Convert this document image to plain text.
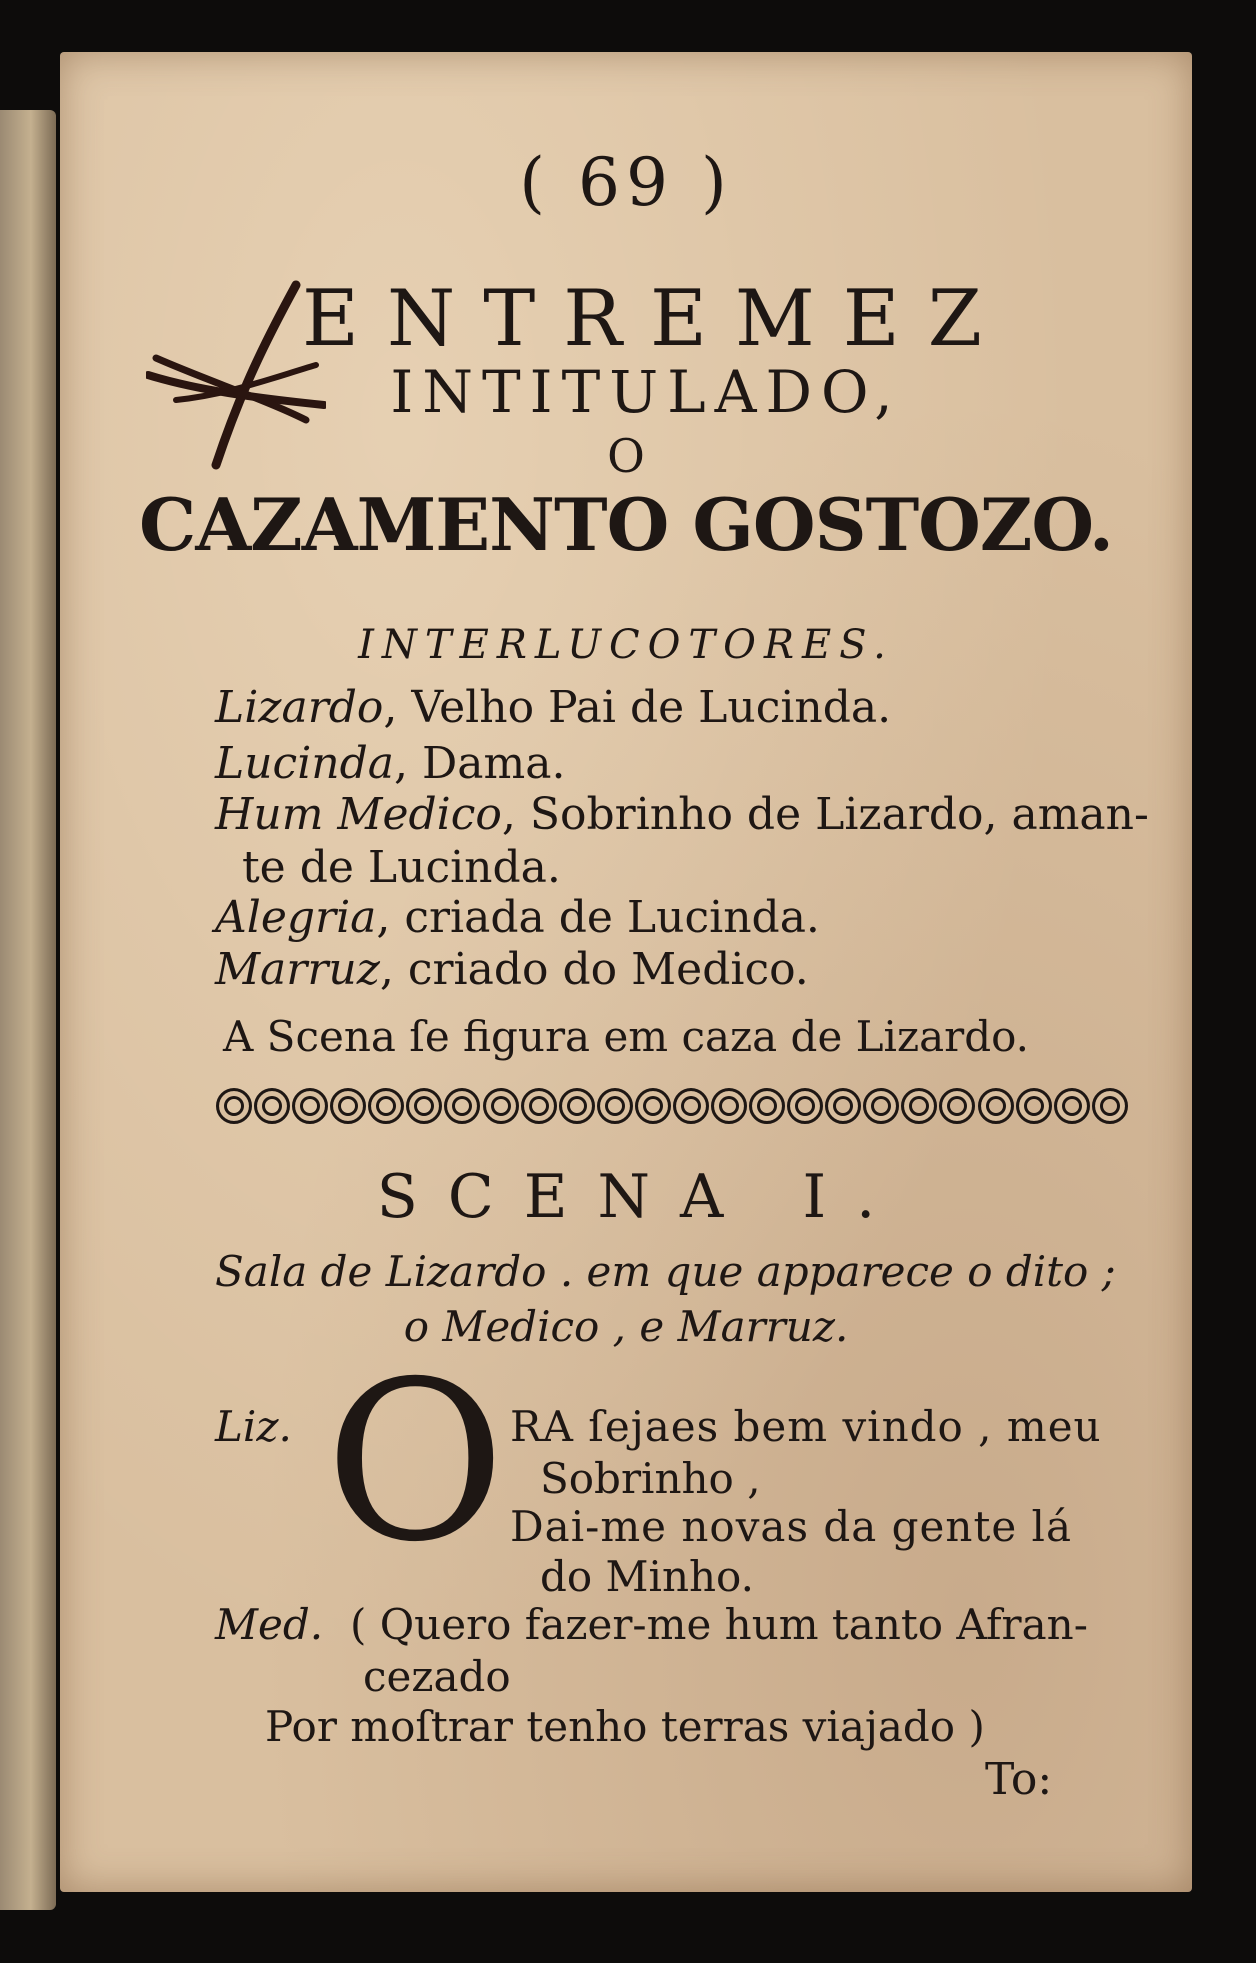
( 69 )
ENTREMEZ
INTITULADO,
O
CAZAMENTO GOSTOZO.
INTERLUCOTORES.
Lizardo, Velho Pai de Lucinda.
Lucinda, Dama.
Hum Medico, Sobrinho de Lizardo, aman-
te de Lucinda.
Alegria, criada de Lucinda.
Marruz, criado do Medico.
A Scena ſe figura em caza de Lizardo.
SCENA I.
Sala de Lizardo . em que apparece o dito ;
o Medico , e Marruz.
Liz. O RA ſejaes bem vindo , meu
Sobrinho ,
Dai-me novas da gente lá
do Minho.
Med. ( Quero fazer-me hum tanto Afran-
cezado
Por moſtrar tenho terras viajado )
To:
